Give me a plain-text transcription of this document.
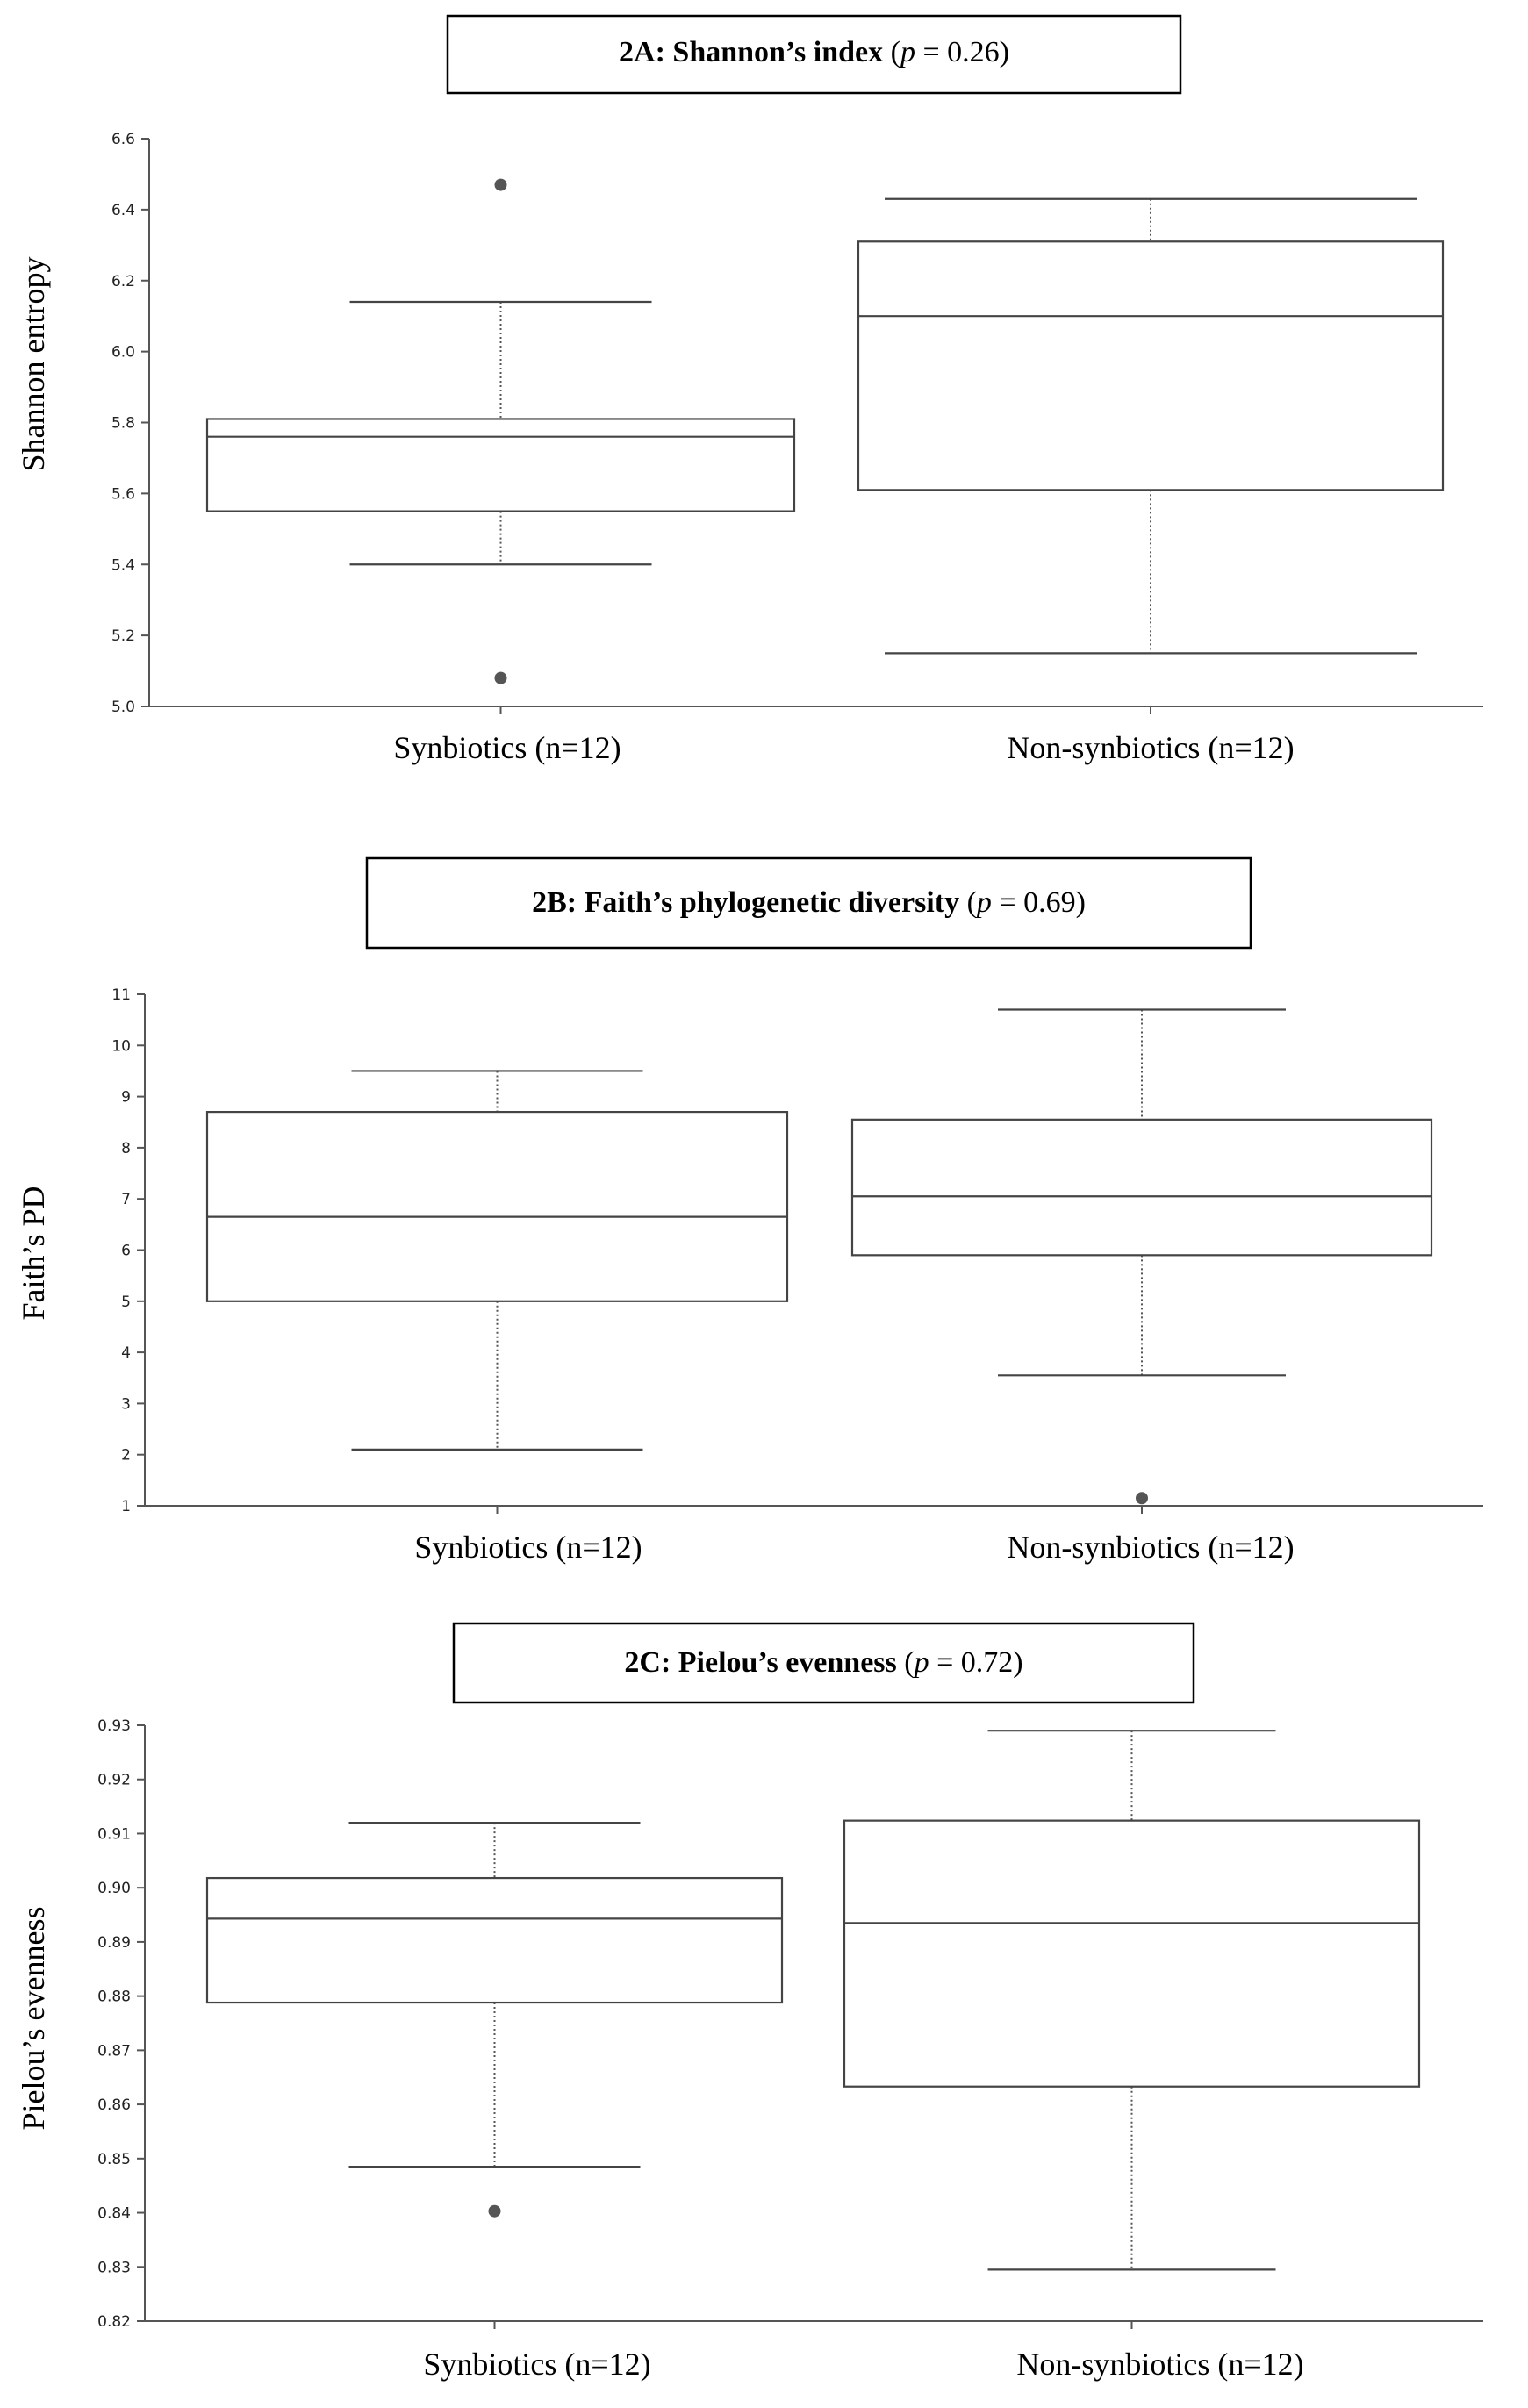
2A: Shannon’s index (p = 0.26)
Shannon entropy
5.0
5.2
5.4
5.6
5.8
6.0
6.2
6.4
6.6
Synbiotics (n=12)	Non-synbiotics (n=12)
2B: Faith’s phylogenetic diversity (p = 0.69)
Faith’s PD
1
2
3
4
5
6
7
8
9
10
11
Synbiotics (n=12)	Non-synbiotics (n=12)
2C: Pielou’s evenness (p = 0.72)
Pielou’s evenness
0.82
0.83
0.84
0.85
0.86
0.87
0.88
0.89
0.90
0.91
0.92
0.93
Synbiotics (n=12)	Non-synbiotics (n=12)
